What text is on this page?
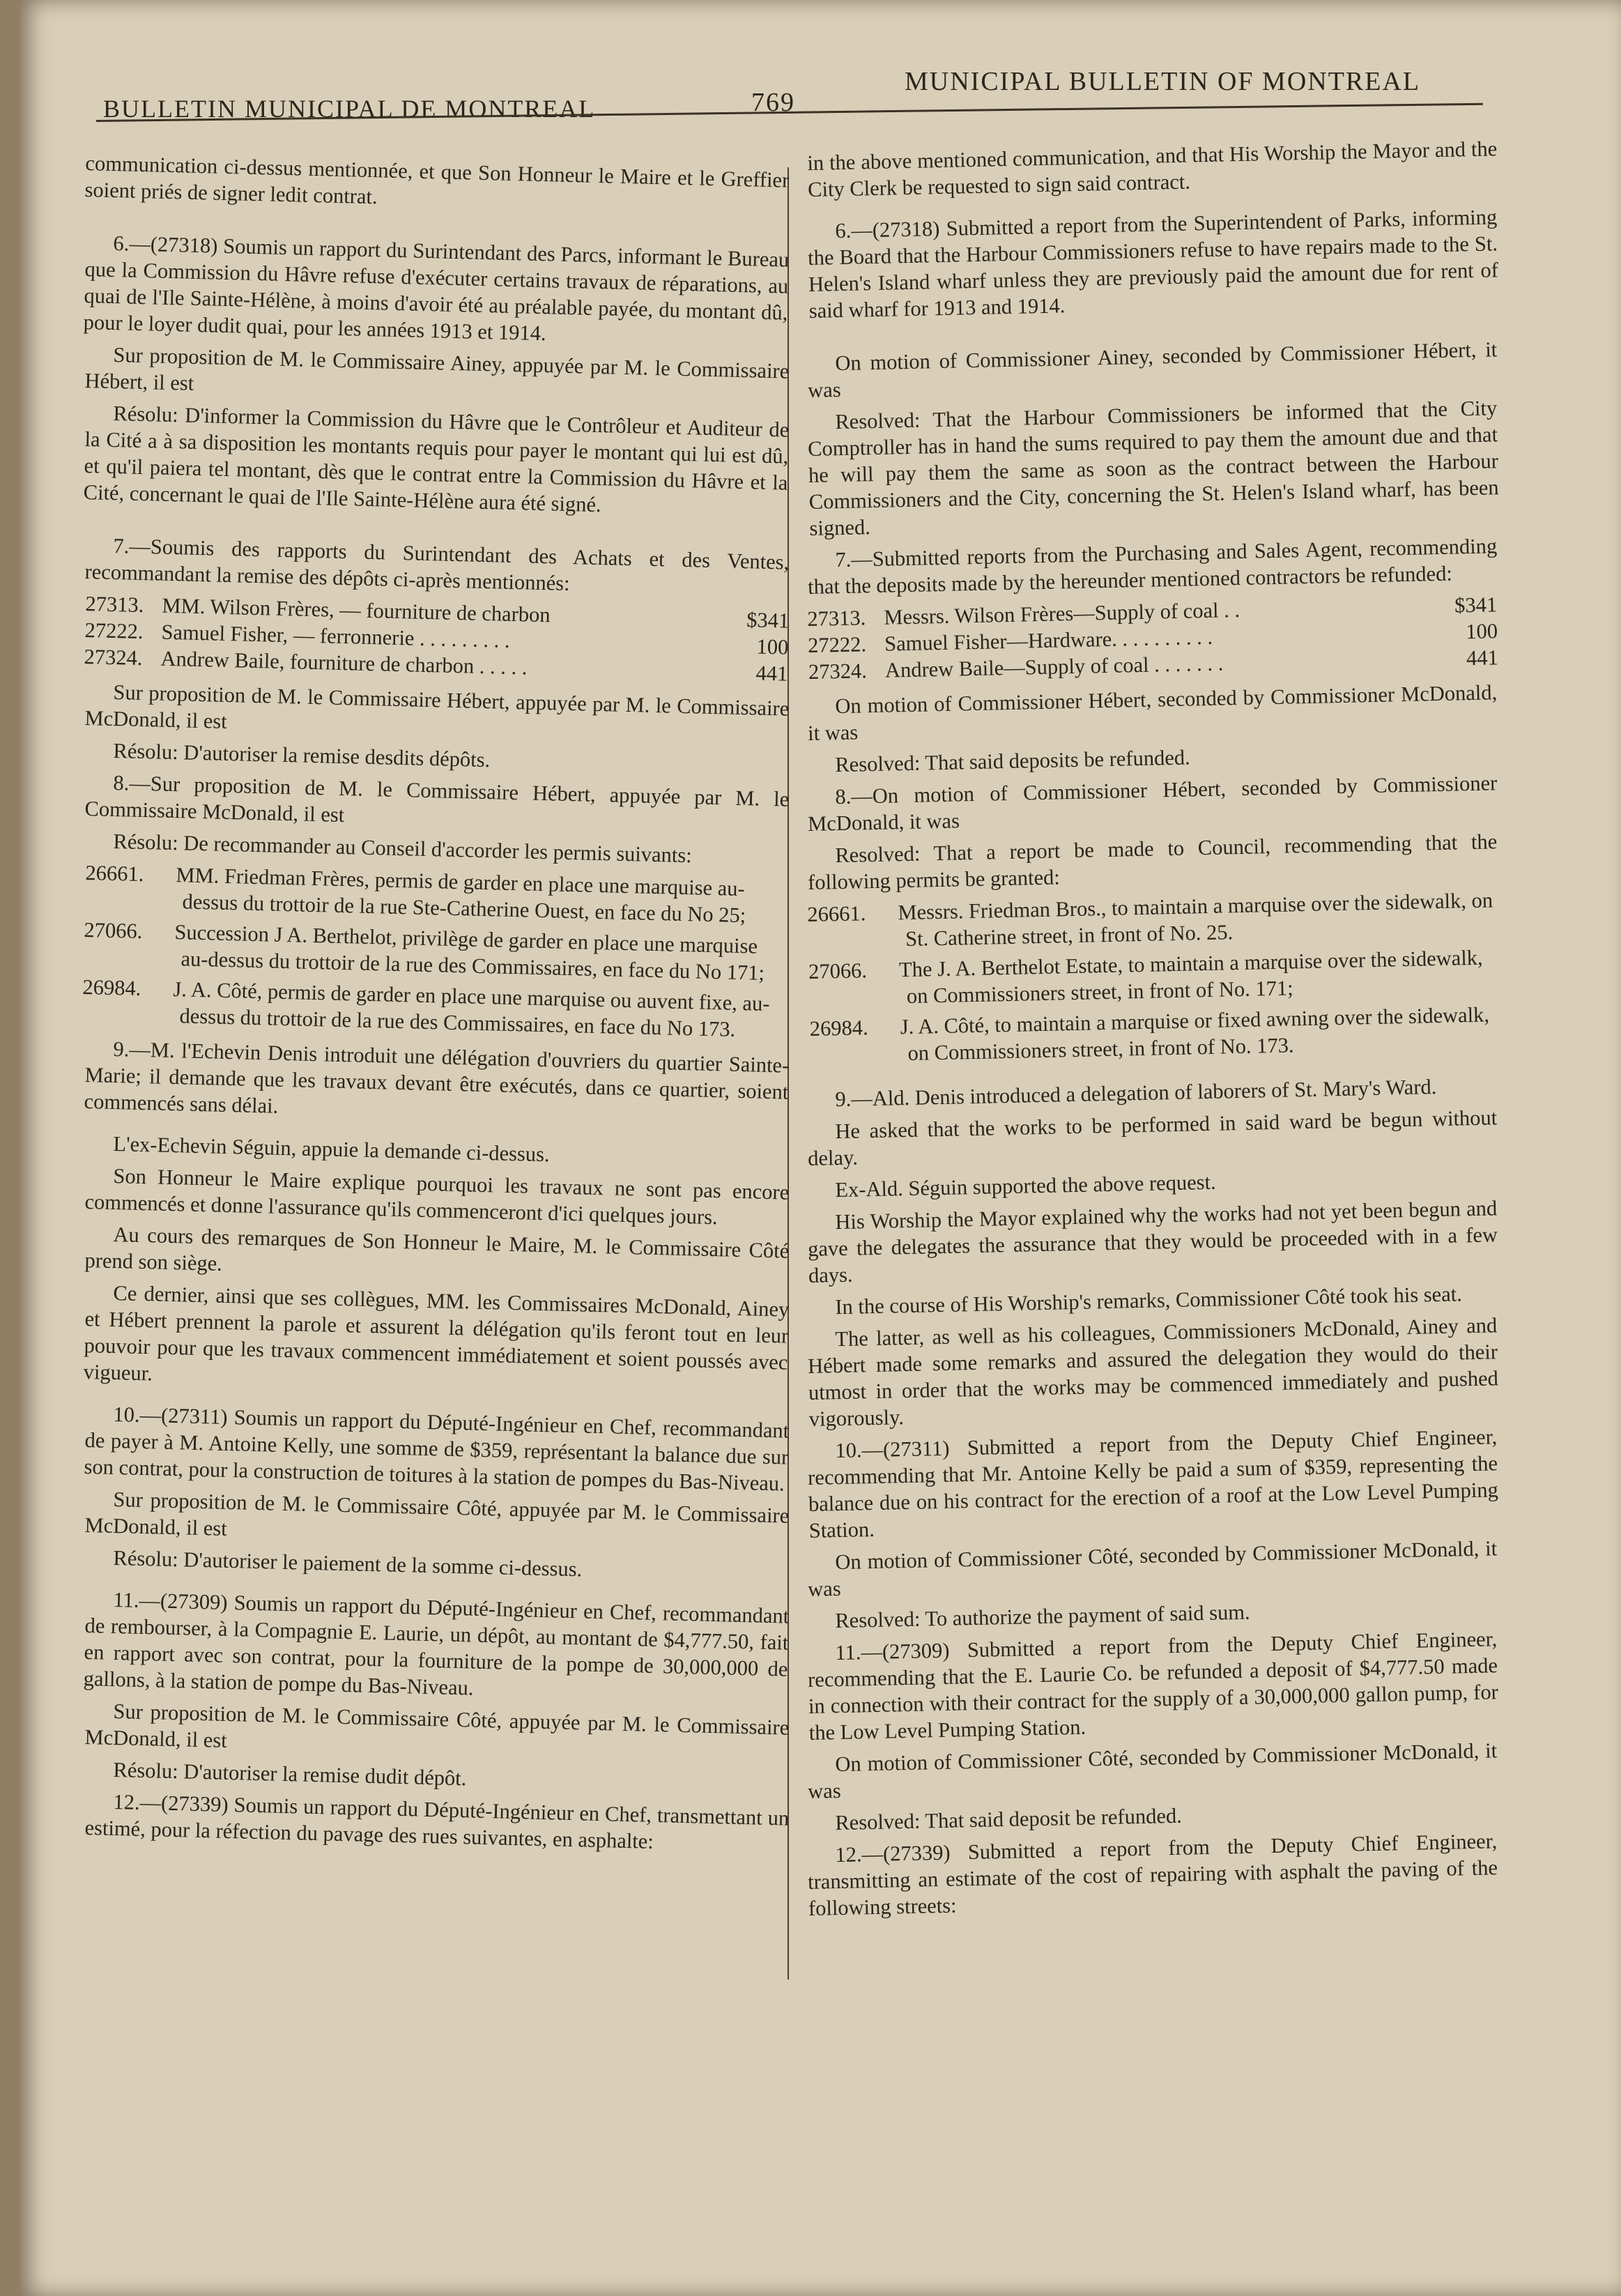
BULLETIN MUNICIPAL DE MONTREAL	769
MUNICIPAL BULLETIN OF MONTREAL

communication ci-dessus mentionnée, et que Son Honneur le Maire et le Greffier soient priés de signer ledit contrat.

6.—(27318) Soumis un rapport du Surintendant des Parcs, informant le Bureau que la Commission du Hâvre refuse d'exécuter certains travaux de réparations, au quai de l'Ile Sainte-Hélène, à moins d'avoir été au préalable payée, du montant dû, pour le loyer dudit quai, pour les années 1913 et 1914.

Sur proposition de M. le Commissaire Ainey, appuyée par M. le Commissaire Hébert, il est

Résolu: D'informer la Commission du Hâvre que le Contrôleur et Auditeur de la Cité a à sa disposition les montants requis pour payer le montant qui lui est dû, et qu'il paiera tel montant, dès que le contrat entre la Commission du Hâvre et la Cité, concernant le quai de l'Ile Sainte-Hélène aura été signé.

7.—Soumis des rapports du Surintendant des Achats et des Ventes, recommandant la remise des dépôts ci-après mentionnés:

27313. MM. Wilson Frères, — fourniture de charbon	$341
27222. Samuel Fisher, — ferronnerie . . . . . . . . .	100
27324. Andrew Baile, fourniture de charbon . . . . .	441

Sur proposition de M. le Commissaire Hébert, appuyée par M. le Commissaire McDonald, il est

Résolu: D'autoriser la remise desdits dépôts.

8.—Sur proposition de M. le Commissaire Hébert, appuyée par M. le Commissaire McDonald, il est

Résolu: De recommander au Conseil d'accorder les permis suivants:

26661.	MM. Friedman Frères, permis de garder en place une marquise au-dessus du trottoir de la rue Ste-Catherine Ouest, en face du No 25;
27066.	Succession J A. Berthelot, privilège de garder en place une marquise au-dessus du trottoir de la rue des Commissaires, en face du No 171;
26984.	J. A. Côté, permis de garder en place une marquise ou auvent fixe, au-dessus du trottoir de la rue des Commissaires, en face du No 173.

9.—M. l'Echevin Denis introduit une délégation d'ouvriers du quartier Sainte-Marie; il demande que les travaux devant être exécutés, dans ce quartier, soient commencés sans délai.

L'ex-Echevin Séguin, appuie la demande ci-dessus.

Son Honneur le Maire explique pourquoi les travaux ne sont pas encore commencés et donne l'assurance qu'ils commenceront d'ici quelques jours.

Au cours des remarques de Son Honneur le Maire, M. le Commissaire Côté prend son siège.

Ce dernier, ainsi que ses collègues, MM. les Commissaires McDonald, Ainey et Hébert prennent la parole et assurent la délégation qu'ils feront tout en leur pouvoir pour que les travaux commencent immédiatement et soient poussés avec vigueur.

10.—(27311) Soumis un rapport du Député-Ingénieur en Chef, recommandant de payer à M. Antoine Kelly, une somme de $359, représentant la balance due sur son contrat, pour la construction de toitures à la station de pompes du Bas-Niveau.

Sur proposition de M. le Commissaire Côté, appuyée par M. le Commissaire McDonald, il est

Résolu: D'autoriser le paiement de la somme ci-dessus.

11.—(27309) Soumis un rapport du Député-Ingénieur en Chef, recommandant de rembourser, à la Compagnie E. Laurie, un dépôt, au montant de $4,777.50, fait en rapport avec son contrat, pour la fourniture de la pompe de 30,000,000 de gallons, à la station de pompe du Bas-Niveau.

Sur proposition de M. le Commissaire Côté, appuyée par M. le Commissaire McDonald, il est

Résolu: D'autoriser la remise dudit dépôt.

12.—(27339) Soumis un rapport du Député-Ingénieur en Chef, transmettant un estimé, pour la réfection du pavage des rues suivantes, en asphalte:

in the above mentioned communication, and that His Worship the Mayor and the City Clerk be requested to sign said contract.

6.—(27318) Submitted a report from the Superintendent of Parks, informing the Board that the Harbour Commissioners refuse to have repairs made to the St. Helen's Island wharf unless they are previously paid the amount due for rent of said wharf for 1913 and 1914.

On motion of Commissioner Ainey, seconded by Commissioner Hébert, it was

Resolved: That the Harbour Commissioners be informed that the City Comptroller has in hand the sums required to pay them the amount due and that he will pay them the same as soon as the contract between the Harbour Commissioners and the City, concerning the St. Helen's Island wharf, has been signed.

7.—Submitted reports from the Purchasing and Sales Agent, recommending that the deposits made by the hereunder mentioned contractors be refunded:

27313. Messrs. Wilson Frères—Supply of coal . .	$341
27222. Samuel Fisher—Hardware. . . . . . . . . .	100
27324. Andrew Baile—Supply of coal . . . . . . .	441

On motion of Commissioner Hébert, seconded by Commissioner McDonald, it was

Resolved: That said deposits be refunded.

8.—On motion of Commissioner Hébert, seconded by Commissioner McDonald, it was

Resolved: That a report be made to Council, recommending that the following permits be granted:

26661.	Messrs. Friedman Bros., to maintain a marquise over the sidewalk, on St. Catherine street, in front of No. 25.
27066.	The J. A. Berthelot Estate, to maintain a marquise over the sidewalk, on Commissioners street, in front of No. 171;
26984.	J. A. Côté, to maintain a marquise or fixed awning over the sidewalk, on Commissioners street, in front of No. 173.

9.—Ald. Denis introduced a delegation of laborers of St. Mary's Ward.

He asked that the works to be performed in said ward be begun without delay.

Ex-Ald. Séguin supported the above request.

His Worship the Mayor explained why the works had not yet been begun and gave the delegates the assurance that they would be proceeded with in a few days.

In the course of His Worship's remarks, Commissioner Côté took his seat.

The latter, as well as his colleagues, Commissioners McDonald, Ainey and Hébert made some remarks and assured the delegation they would do their utmost in order that the works may be commenced immediately and pushed vigorously.

10.—(27311) Submitted a report from the Deputy Chief Engineer, recommending that Mr. Antoine Kelly be paid a sum of $359, representing the balance due on his contract for the erection of a roof at the Low Level Pumping Station.

On motion of Commissioner Côté, seconded by Commissioner McDonald, it was

Resolved: To authorize the payment of said sum.

11.—(27309) Submitted a report from the Deputy Chief Engineer, recommending that the E. Laurie Co. be refunded a deposit of $4,777.50 made in connection with their contract for the supply of a 30,000,000 gallon pump, for the Low Level Pumping Station.

On motion of Commissioner Côté, seconded by Commissioner McDonald, it was

Resolved: That said deposit be refunded.

12.—(27339) Submitted a report from the Deputy Chief Engineer, transmitting an estimate of the cost of repairing with asphalt the paving of the following streets:
